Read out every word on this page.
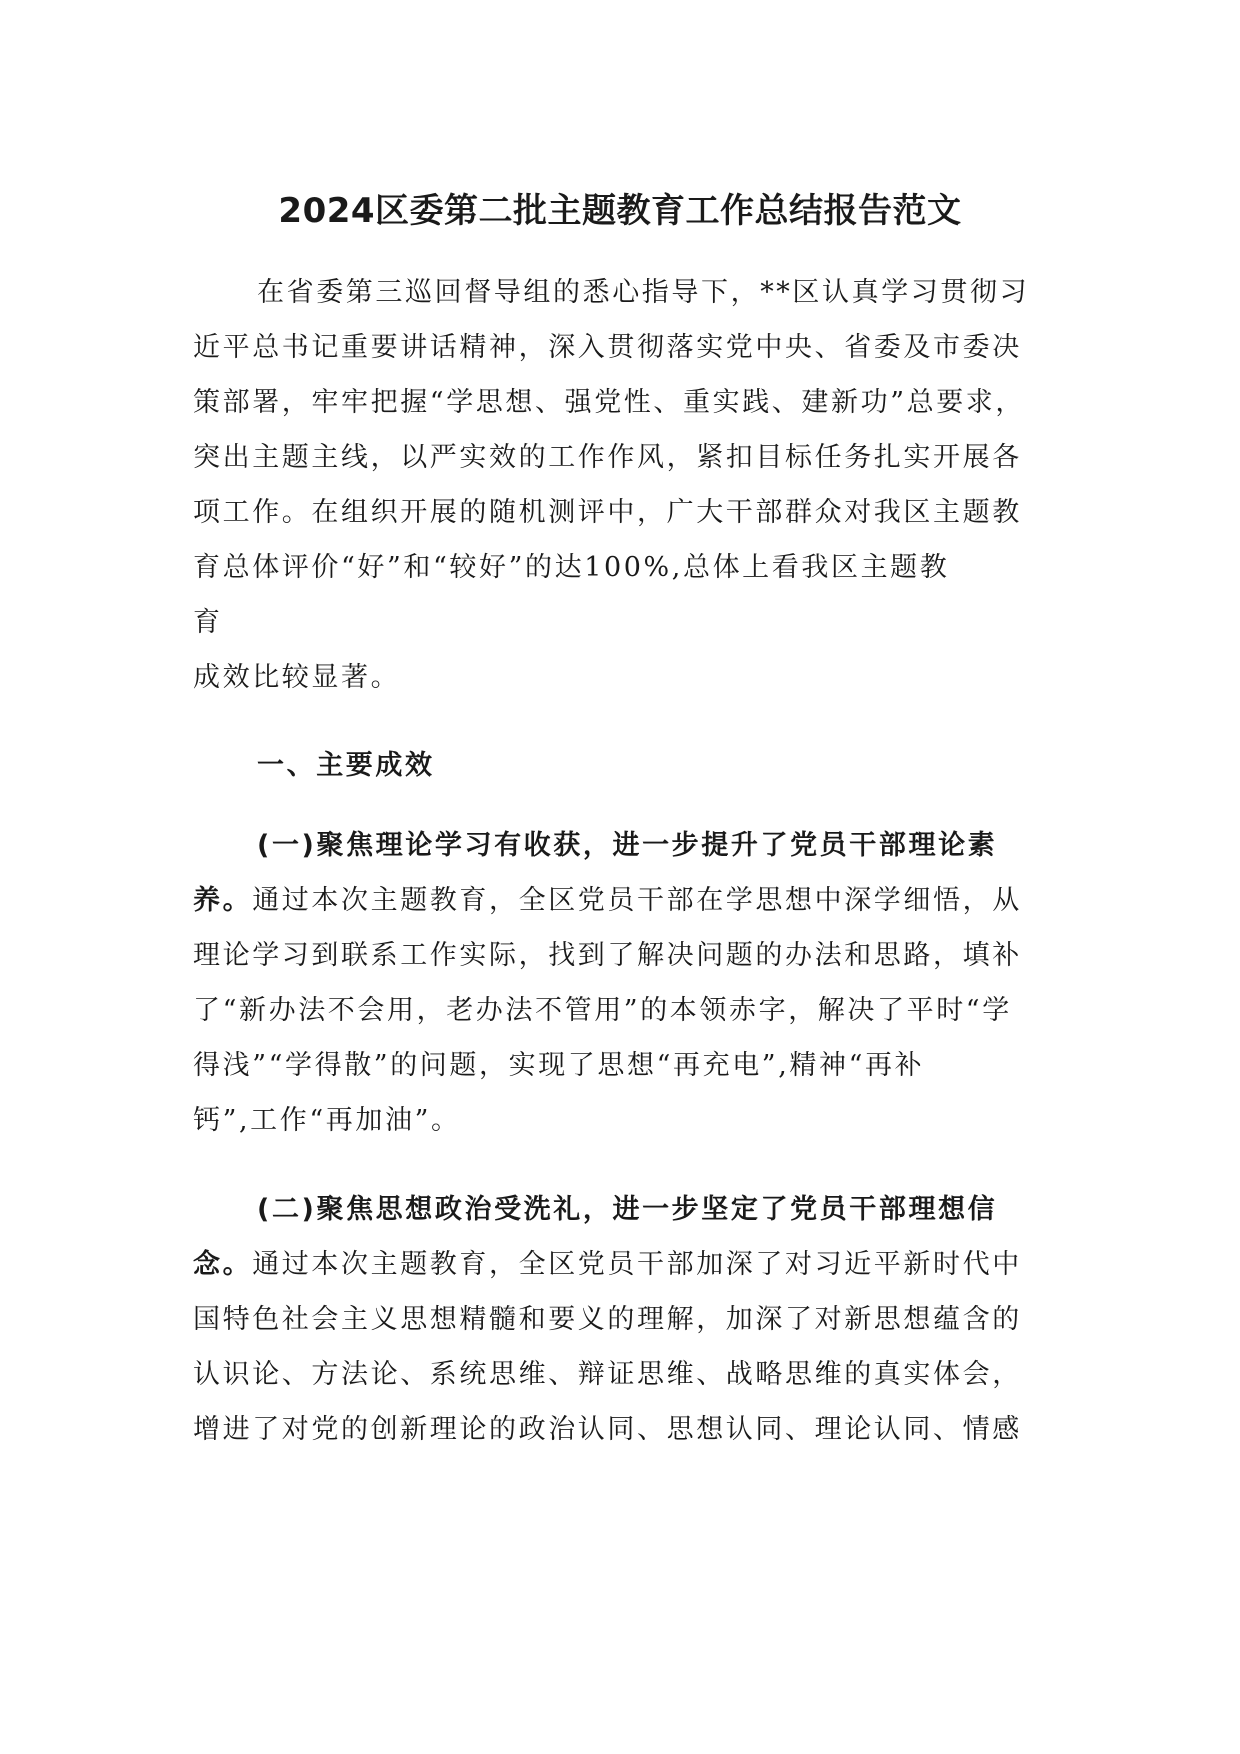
2024区委第二批主题教育工作总结报告范文
在省委第三巡回督导组的悉心指导下，**区认真学习贯彻习
近平总书记重要讲话精神，深入贯彻落实党中央、省委及市委决
策部署，牢牢把握“学思想、强党性、重实践、建新功”总要求，
突出主题主线，以严实效的工作作风，紧扣目标任务扎实开展各
项工作。在组织开展的随机测评中，广大干部群众对我区主题教
育总体评价“好”和“较好”的达100%,总体上看我区主题教
育
成效比较显著。
一、主要成效
(一)聚焦理论学习有收获，进一步提升了党员干部理论素
养。通过本次主题教育，全区党员干部在学思想中深学细悟，从
理论学习到联系工作实际，找到了解决问题的办法和思路，填补
了“新办法不会用，老办法不管用”的本领赤字，解决了平时“学
得浅”“学得散”的问题，实现了思想“再充电”,精神“再补
钙”,工作“再加油”。
(二)聚焦思想政治受洗礼，进一步坚定了党员干部理想信
念。通过本次主题教育，全区党员干部加深了对习近平新时代中
国特色社会主义思想精髓和要义的理解，加深了对新思想蕴含的
认识论、方法论、系统思维、辩证思维、战略思维的真实体会，
增进了对党的创新理论的政治认同、思想认同、理论认同、情感
